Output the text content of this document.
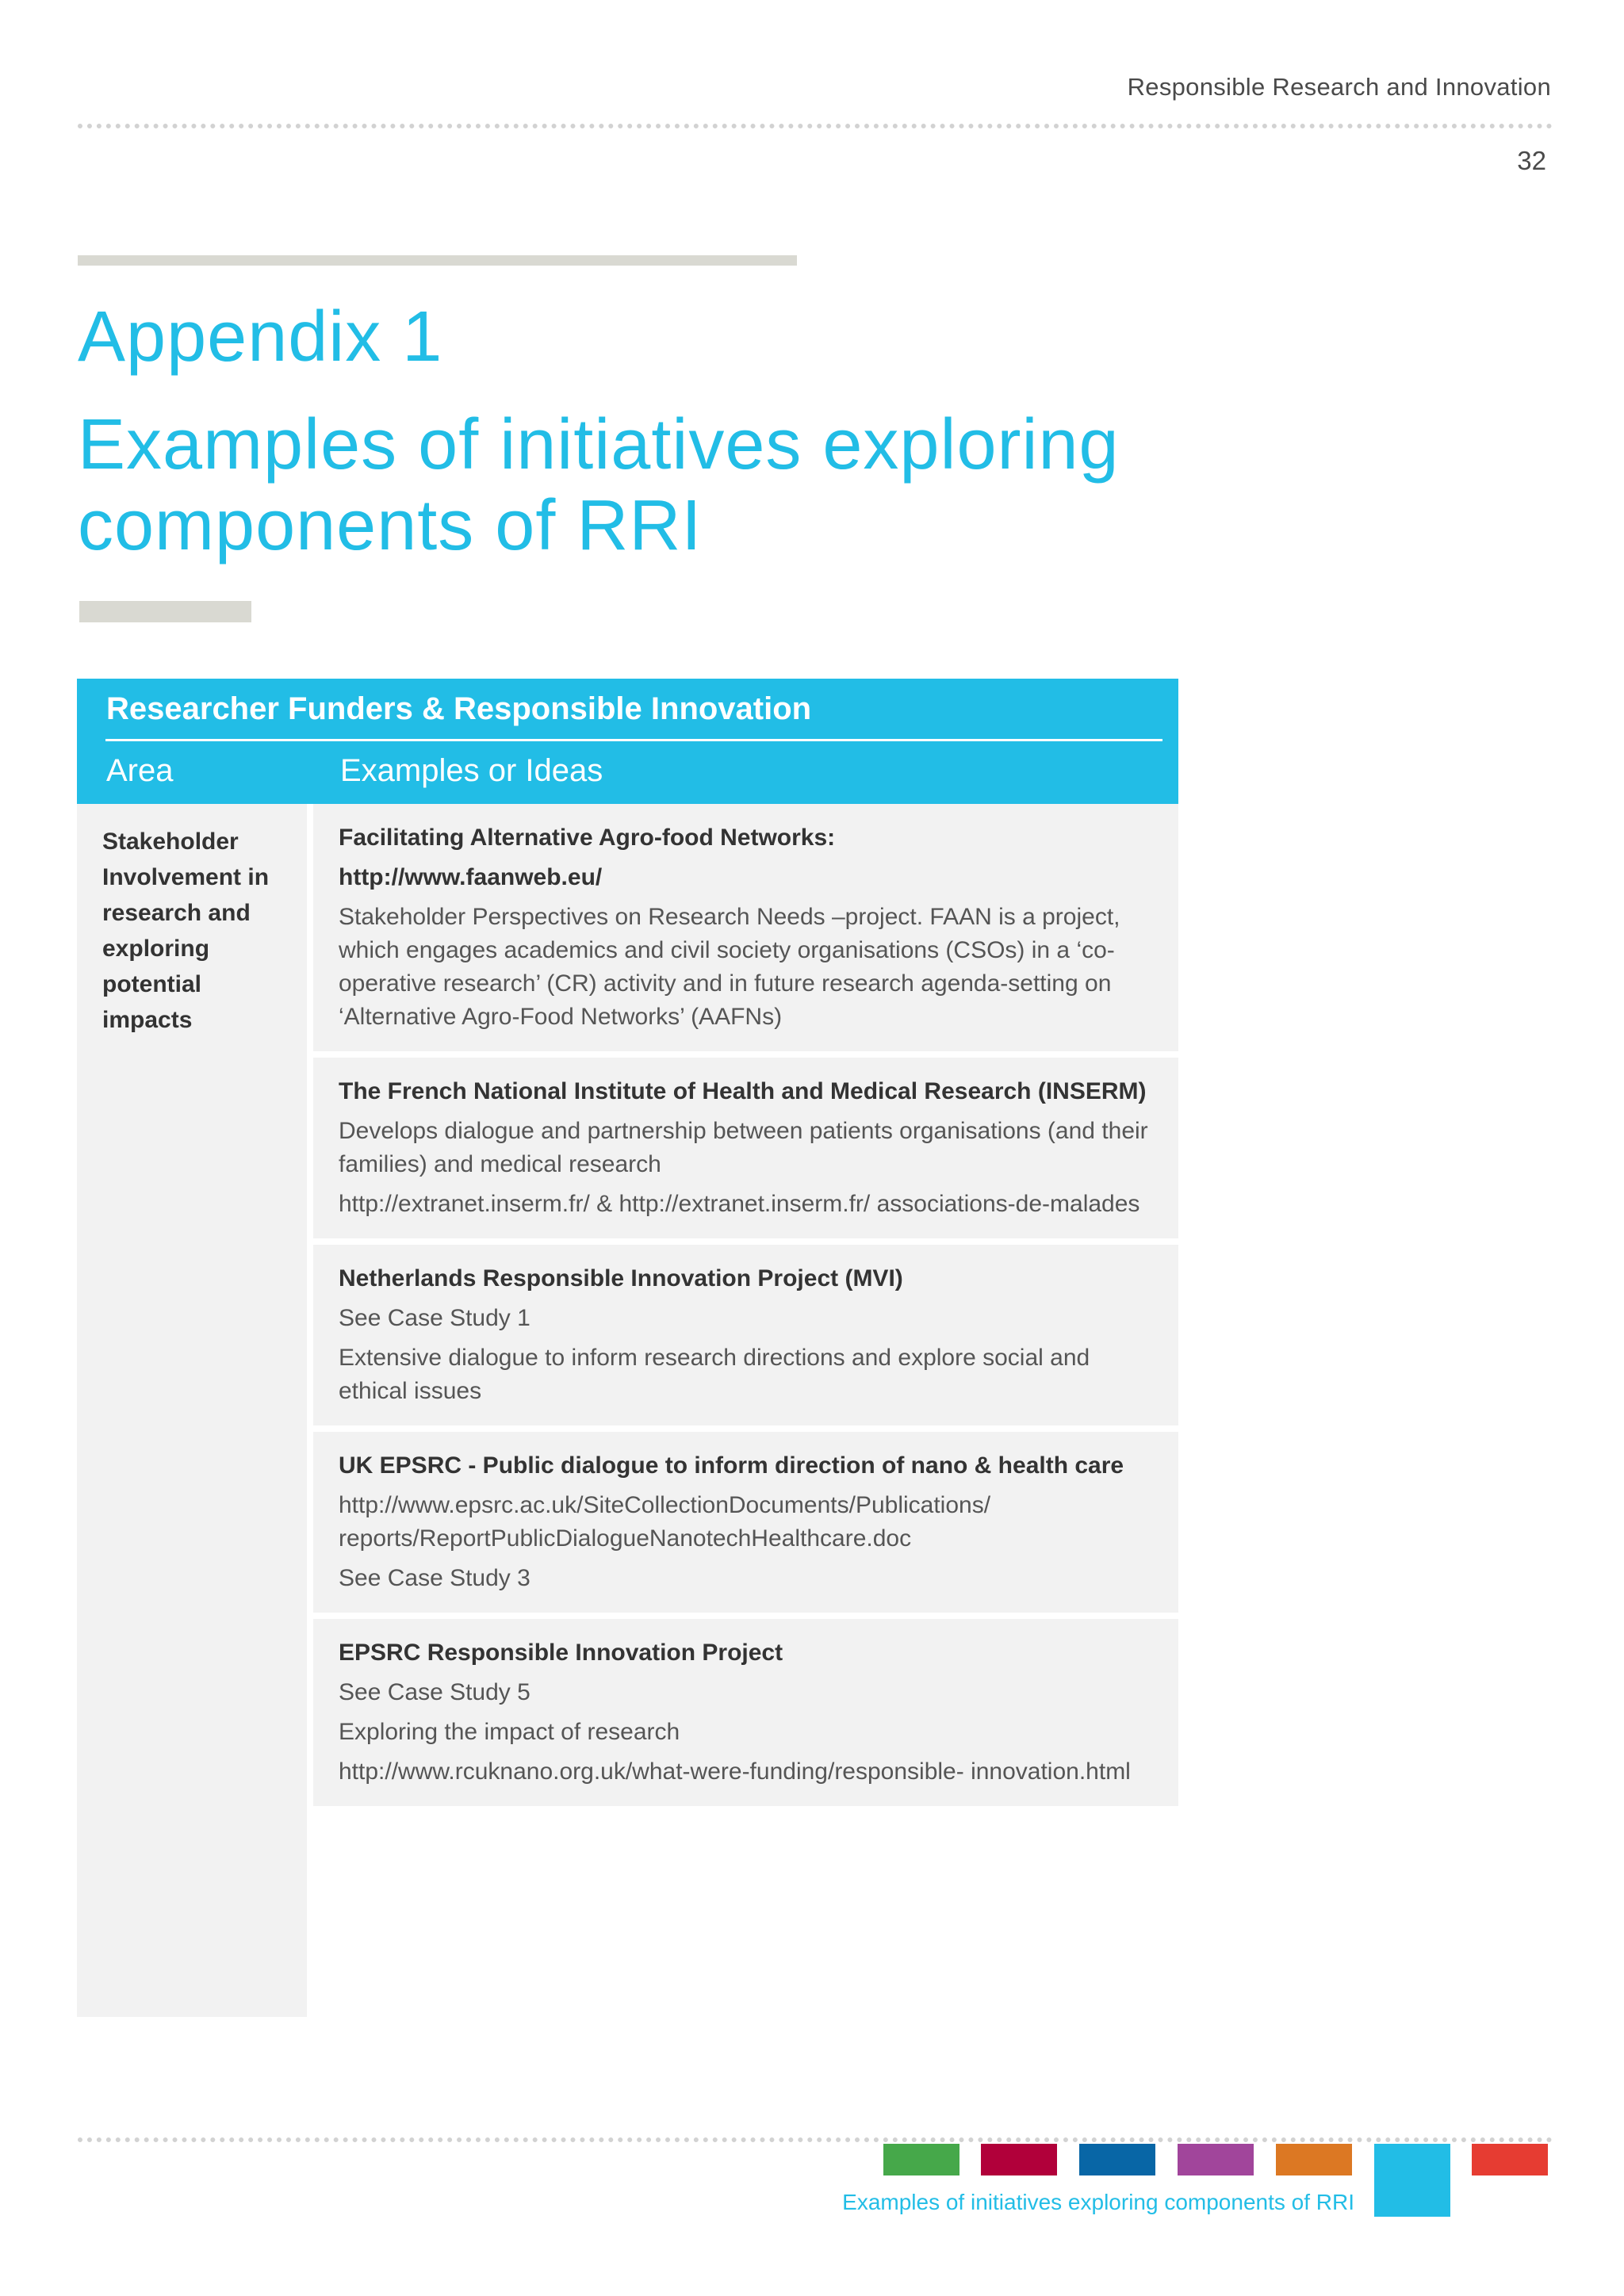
Responsible Research and Innovation
32
Appendix 1
Examples of initiatives exploring components of RRI
Researcher Funders & Responsible Innovation
Area	Examples or Ideas
Stakeholder Involvement in research and exploring potential impacts
Facilitating Alternative Agro-food Networks:
http://www.faanweb.eu/
Stakeholder Perspectives on Research Needs –project. FAAN is a project, which engages academics and civil society organisations (CSOs) in a ‘co-operative research’ (CR) activity and in future research agenda-setting on ‘Alternative Agro-Food Networks’ (AAFNs)
The French National Institute of Health and Medical Research (INSERM)
Develops dialogue and partnership between patients organisations (and their families) and medical research
http://extranet.inserm.fr/ & http://extranet.inserm.fr/ associations-de-malades
Netherlands Responsible Innovation Project (MVI)
See Case Study 1
Extensive dialogue to inform research directions and explore social and ethical issues
UK EPSRC - Public dialogue to inform direction of nano & health care
http://www.epsrc.ac.uk/SiteCollectionDocuments/Publications/ reports/ReportPublicDialogueNanotechHealthcare.doc
See Case Study 3
EPSRC Responsible Innovation Project
See Case Study 5
Exploring the impact of research
http://www.rcuknano.org.uk/what-were-funding/responsible- innovation.html
Examples of initiatives exploring components of RRI
